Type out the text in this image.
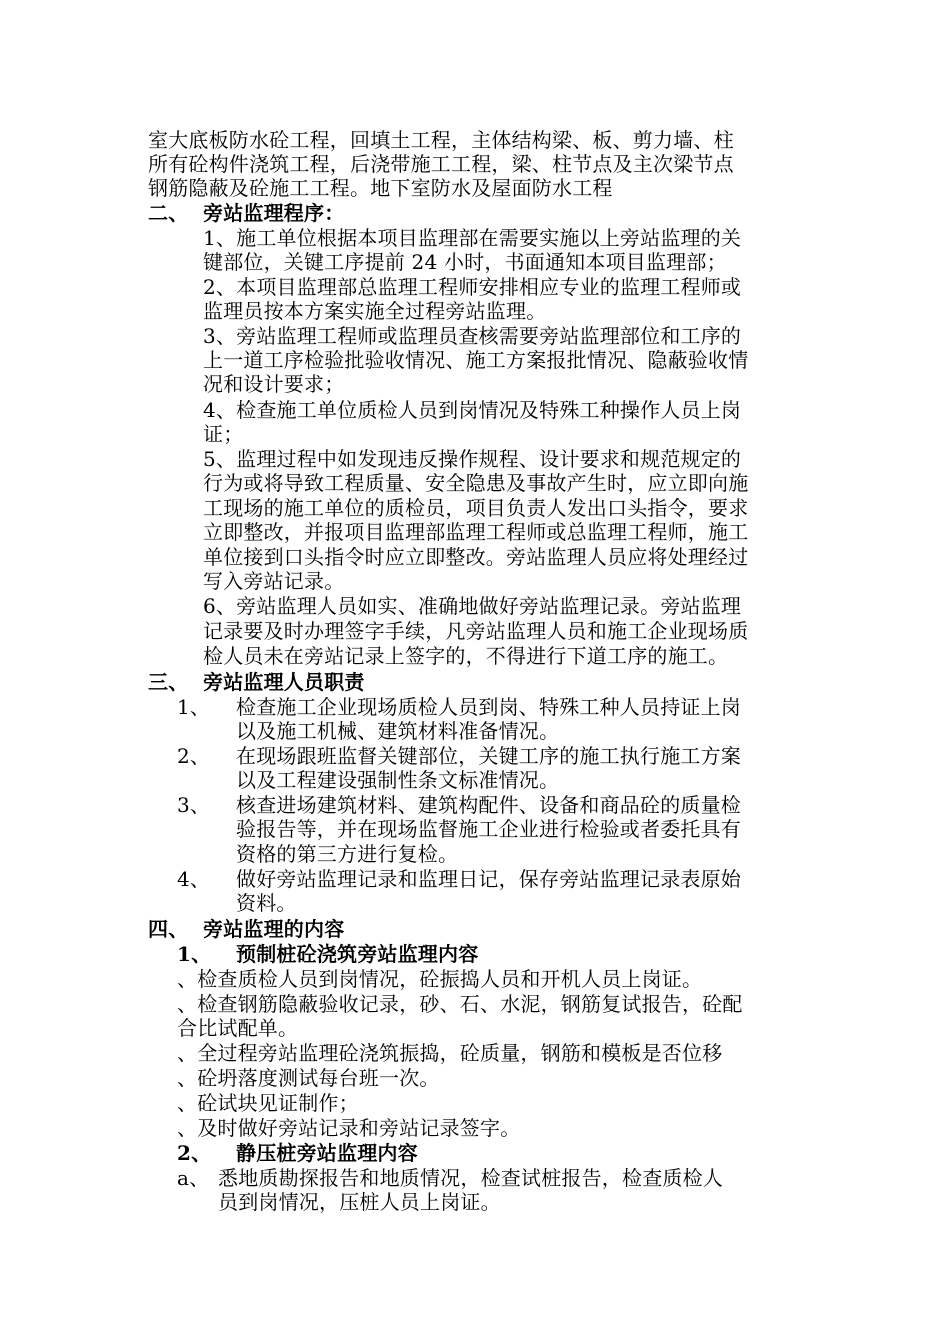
室大底板防水砼工程，回填土工程，主体结构梁、板、剪力墙、柱
所有砼构件浇筑工程，后浇带施工工程，梁、柱节点及主次梁节点
钢筋隐蔽及砼施工工程。地下室防水及屋面防水工程
二、 旁站监理程序：
1、施工单位根据本项目监理部在需要实施以上旁站监理的关
键部位，关键工序提前 24 小时，书面通知本项目监理部；
2、本项目监理部总监理工程师安排相应专业的监理工程师或
监理员按本方案实施全过程旁站监理。
3、旁站监理工程师或监理员查核需要旁站监理部位和工序的
上一道工序检验批验收情况、施工方案报批情况、隐蔽验收情
况和设计要求；
4、检查施工单位质检人员到岗情况及特殊工种操作人员上岗
证；
5、监理过程中如发现违反操作规程、设计要求和规范规定的
行为或将导致工程质量、安全隐患及事故产生时，应立即向施
工现场的施工单位的质检员，项目负责人发出口头指令，要求
立即整改，并报项目监理部监理工程师或总监理工程师，施工
单位接到口头指令时应立即整改。旁站监理人员应将处理经过
写入旁站记录。
6、旁站监理人员如实、准确地做好旁站监理记录。旁站监理
记录要及时办理签字手续，凡旁站监理人员和施工企业现场质
检人员未在旁站记录上签字的，不得进行下道工序的施工。
三、 旁站监理人员职责
1、 检查施工企业现场质检人员到岗、特殊工种人员持证上岗
以及施工机械、建筑材料准备情况。
2、 在现场跟班监督关键部位，关键工序的施工执行施工方案
以及工程建设强制性条文标准情况。
3、 核查进场建筑材料、建筑构配件、设备和商品砼的质量检
验报告等，并在现场监督施工企业进行检验或者委托具有
资格的第三方进行复检。
4、 做好旁站监理记录和监理日记，保存旁站监理记录表原始
资料。
四、 旁站监理的内容
1、 预制桩砼浇筑旁站监理内容
、检查质检人员到岗情况，砼振捣人员和开机人员上岗证。
、检查钢筋隐蔽验收记录，砂、石、水泥，钢筋复试报告，砼配
合比试配单。
、全过程旁站监理砼浇筑振捣，砼质量，钢筋和模板是否位移
、砼坍落度测试每台班一次。
、砼试块见证制作；
、及时做好旁站记录和旁站记录签字。
2、 静压桩旁站监理内容
a、 悉地质勘探报告和地质情况，检查试桩报告，检查质检人
员到岗情况，压桩人员上岗证。
